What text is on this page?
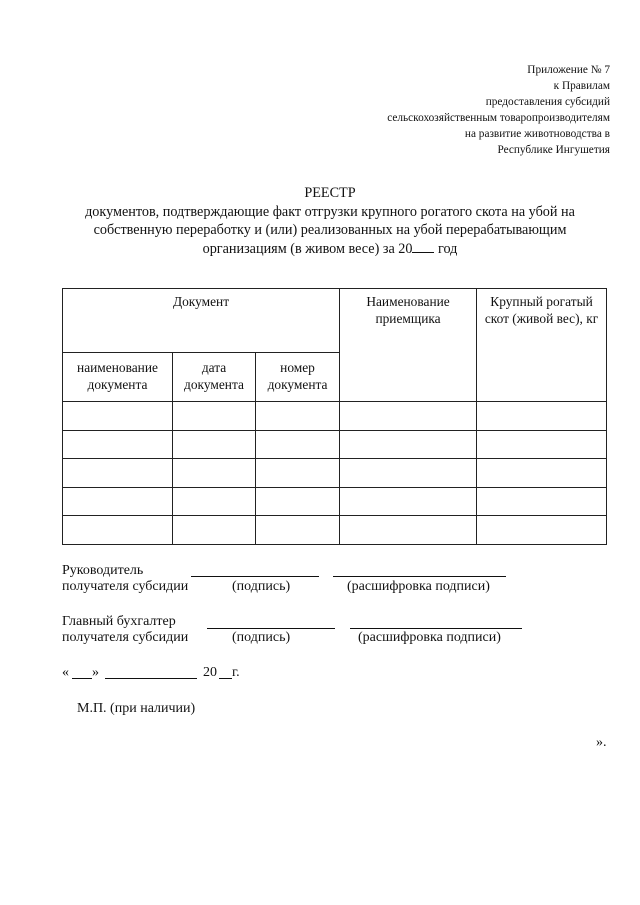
Приложение № 7
к Правилам
предоставления субсидий
сельскохозяйственным товаропроизводителям
на развитие животноводства в
Республике Ингушетия
РЕЕСТР
документов, подтверждающие факт отгрузки крупного рогатого скота на убой на
собственную переработку и (или) реализованных на убой перерабатывающим
организациям (в живом весе) за 20 год
Документ			Наименование приемщика	Крупный рогатый скот (живой вес), кг
наименование документа	дата документа	номер документа		

Руководитель
получателя субсидии	(подпись)	(расшифровка подписи)
Главный бухгалтер
получателя субсидии	(подпись)	(расшифровка подписи)
« »	20 г.
М.П. (при наличии)
».
